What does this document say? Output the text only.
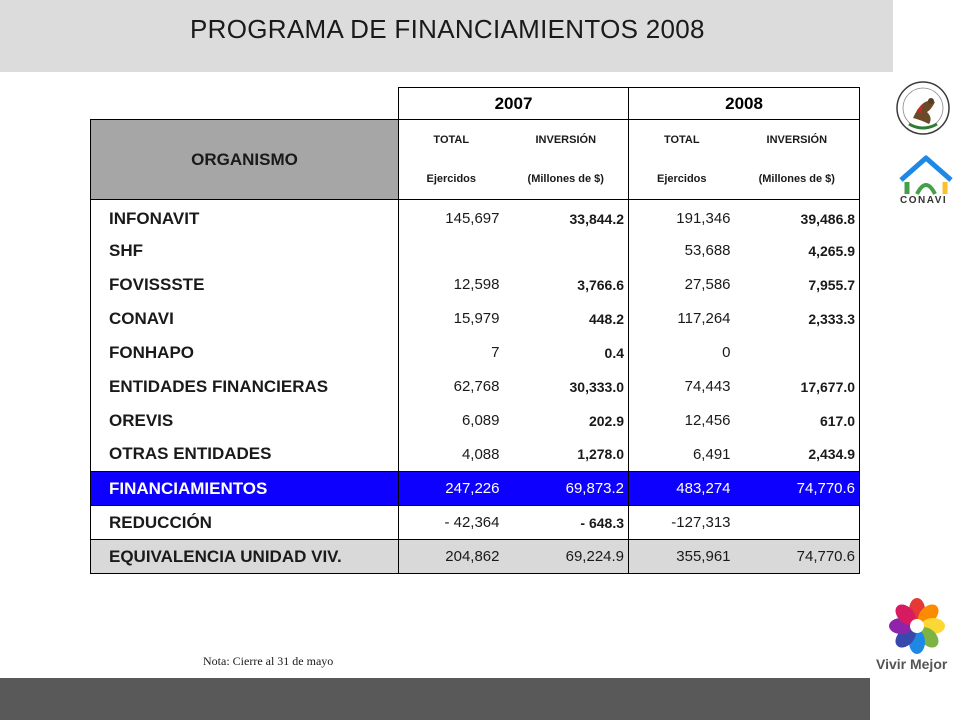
PROGRAMA DE FINANCIAMIENTOS 2008
	2007		2008	
ORGANISMO	TOTAL	INVERSIÓN	TOTAL	INVERSIÓN
	Ejercidos	(Millones de $)	Ejercidos	(Millones de $)
INFONAVIT	145,697	33,844.2	191,346	39,486.8
SHF			53,688	4,265.9
FOVISSSTE	12,598	3,766.6	27,586	7,955.7
CONAVI	15,979	448.2	117,264	2,333.3
FONHAPO	7	0.4	0	
ENTIDADES FINANCIERAS	62,768	30,333.0	74,443	17,677.0
OREVIS	6,089	202.9	12,456	617.0
OTRAS ENTIDADES	4,088	1,278.0	6,491	2,434.9
FINANCIAMIENTOS	247,226	69,873.2	483,274	74,770.6
REDUCCIÓN	- 42,364	- 648.3	-127,313	
EQUIVALENCIA UNIDAD VIV.	204,862	69,224.9	355,961	74,770.6
Nota: Cierre al 31 de mayo
CONAVI
Vivir Mejor
